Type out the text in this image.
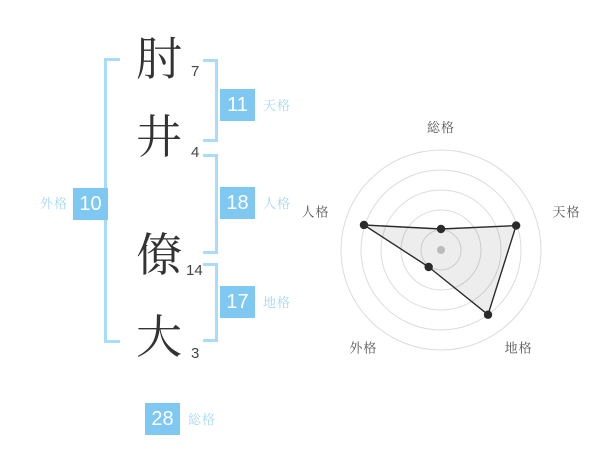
肘 7
井 4
僚 14
大 3
11	天格
18	人格
17	地格
外格 10
28	総格
総格
天格
地格
外格
人格
